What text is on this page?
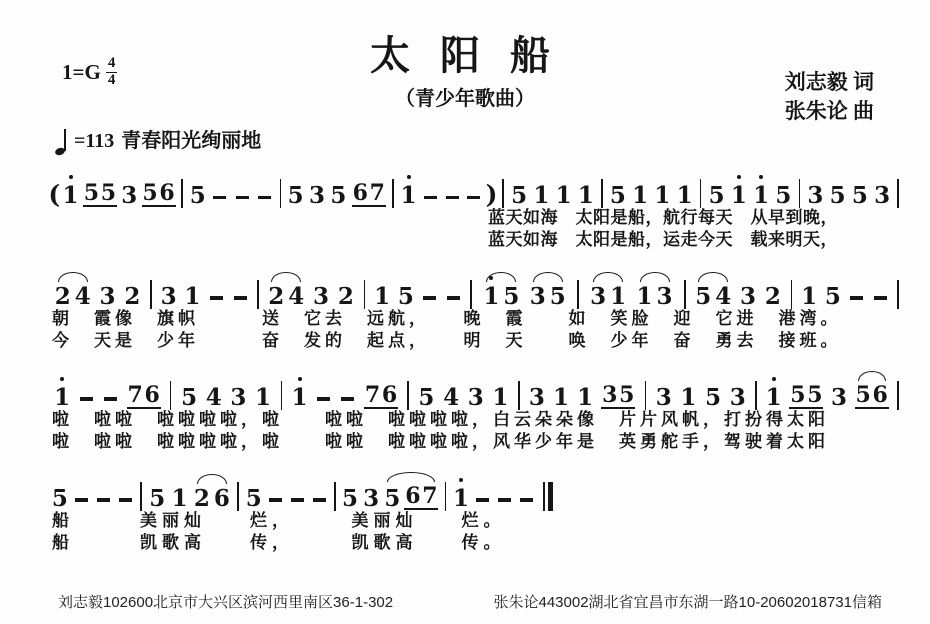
$1=G \frac{4}{4}$	太 阳 船
（青少年歌曲）
刘志毅 词
张朱论 曲
=113 青春阳光绚丽地
( 1 5 5 3 5 6 5	5 3 5 6 7 1	) 5 1 1 1 5 1 1 1 5 1 1 5 3 5 5 3
蓝天如海　太阳是船，航行每天　从早到晚，
蓝天如海　太阳是船，运走今天　载来明天，
2 4 3 2 3 1	2 4 3 2 1 5	1 5 3 5 3 1 1 3 5 4 3 2 1 5
朝　霞像　旗帜　　　送　它去　远航，　　晚　霞　　如　笑脸　迎　它进　港湾。
今　天是　少年　　　奋　发的　起点，　　明　天　　唤　少年　奋　勇去　接班。
1	7 6 5 4 3 1 1	7 6 5 4 3 1 3 1 1 3 5 3 1 5 3 1 5 5 3 5 6
啦　啦啦　啦啦啦啦，啦　　啦啦　啦啦啦啦，白云朵朵像　片片风帆，打扮得太阳
啦　啦啦　啦啦啦啦，啦　　啦啦　啦啦啦啦，风华少年是　英勇舵手，驾驶着太阳
5	5 1 2 6 5	5 3 5 6 7 1
船　　　美丽灿　　烂，　　　美丽灿　　烂。
船　　　凯歌高　　传，　　　凯歌高　　传。
刘志毅102600北京市大兴区滨河西里南区36-1-302	张朱论443002湖北省宜昌市东湖一路10-20602018731信箱
